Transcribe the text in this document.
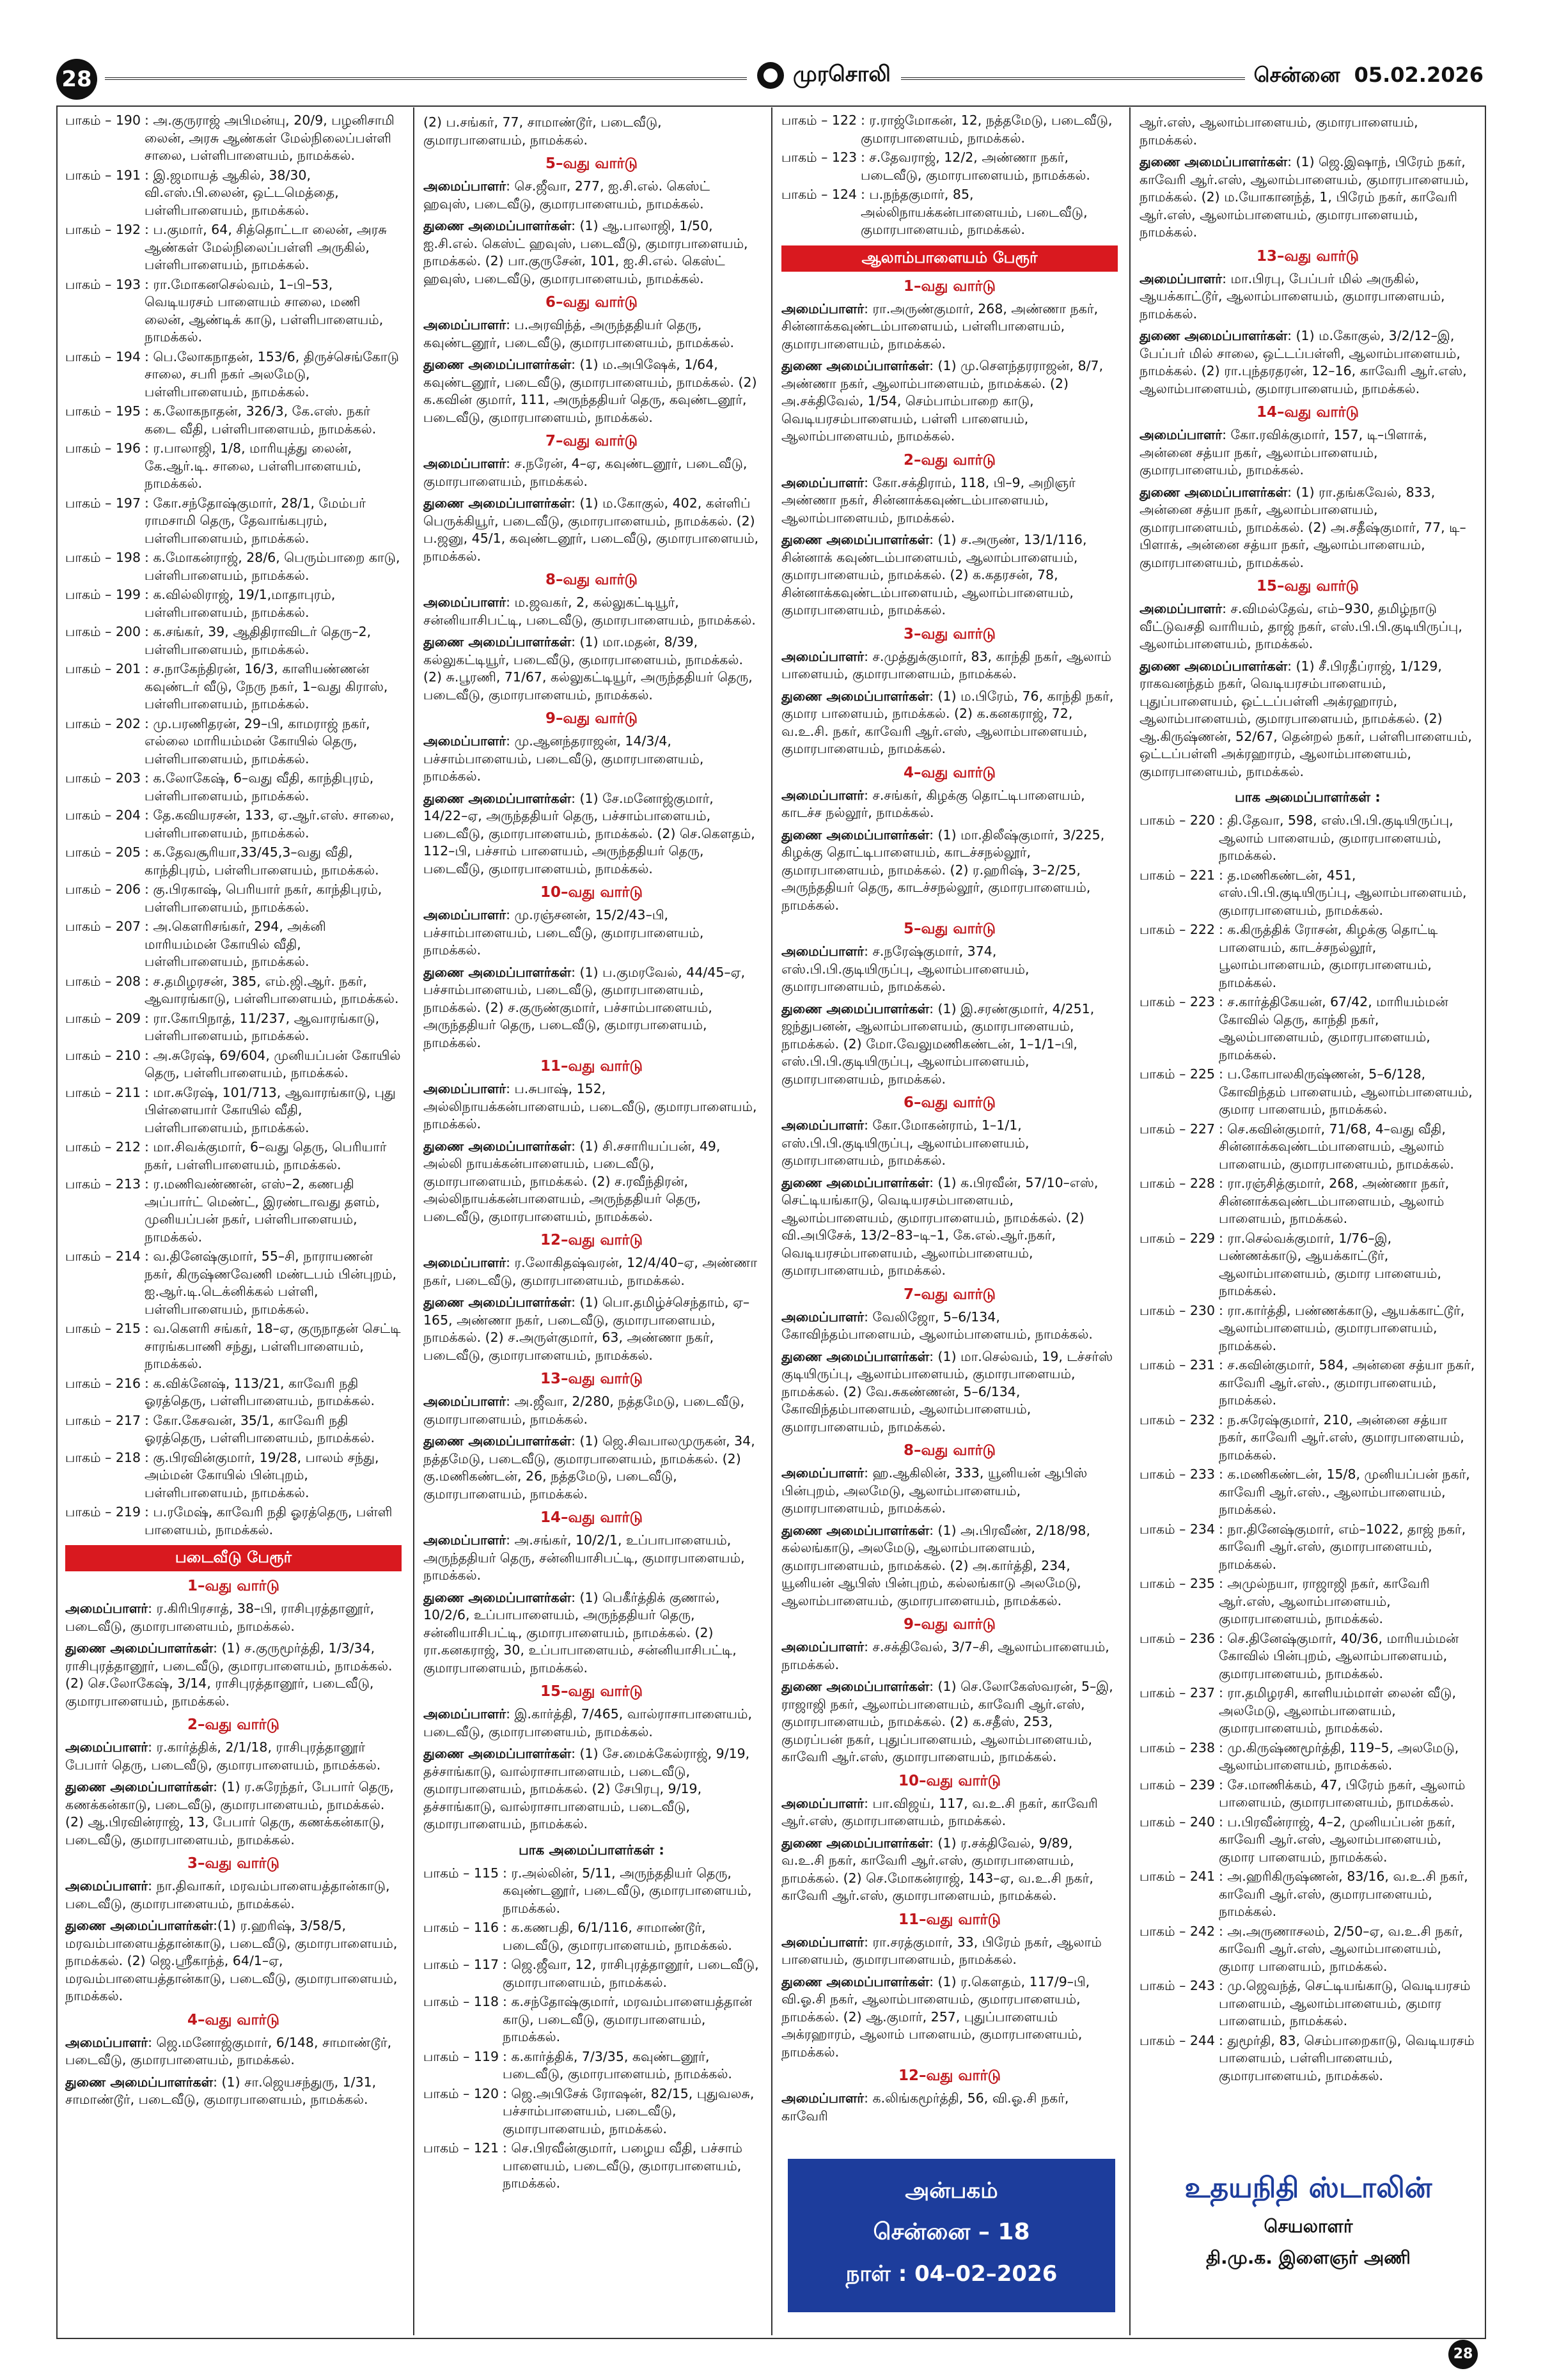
28	முரசொலி	சென்னை 05.02.2026
பாகம் – 190 : அ.குருராஜ் அபிமன்யு, 20/9, பழனிசாமி லைன், அரசு ஆண்கள் மேல்நிலைப்பள்ளி சாலை, பள்ளிபாளையம், நாமக்கல்.
பாகம் – 191 : இ.ஜமாயத் ஆகில், 38/30, வி.எஸ்.பி.லைன், ஒட்டமெத்தை, பள்ளிபாளையம், நாமக்கல்.
பாகம் – 192 : ப.குமார், 64, சித்தொட்டா லைன், அரசு ஆண்கள் மேல்நிலைப்பள்ளி அருகில், பள்ளிபாளையம், நாமக்கல்.
பாகம் – 193 : ரா.மோகனசெல்வம், 1–பி–53, வெடியரசம் பாளையம் சாலை, மணி லைன், ஆண்டிக் காடு, பள்ளிபாளையம், நாமக்கல்.
பாகம் – 194 : பெ.லோகநாதன், 153/6, திருச்செங்கோடு சாலை, சபரி நகர் அலமேடு, பள்ளிபாளையம், நாமக்கல்.
பாகம் – 195 : க.லோகநாதன், 326/3, கே.எஸ். நகர் கடை வீதி, பள்ளிபாளையம், நாமக்கல்.
பாகம் – 196 : ர.பாலாஜி, 1/8, மாரியுத்து லைன், கே.ஆர்.டி. சாலை, பள்ளிபாளையம், நாமக்கல்.
பாகம் – 197 : கோ.சந்தோஷ்குமார், 28/1, மேம்பர் ராமசாமி தெரு, தேவாங்கபுரம், பள்ளிபாளையம், நாமக்கல்.
பாகம் – 198 : க.மோகன்ராஜ், 28/6, பெரும்பாறை காடு, பள்ளிபாளையம், நாமக்கல்.
பாகம் – 199 : க.வில்லிராஜ், 19/1,மாதாபுரம், பள்ளிபாளையம், நாமக்கல்.
பாகம் – 200 : க.சங்கர், 39, ஆதிதிராவிடர் தெரு–2, பள்ளிபாளையம், நாமக்கல்.
பாகம் – 201 : ச.நாகேந்திரன், 16/3, காளியண்ணன் கவுண்டர் வீடு, நேரு நகர், 1–வது கிராஸ், பள்ளிபாளையம், நாமக்கல்.
பாகம் – 202 : மு.பரணிதரன், 29–பி, காமராஜ் நகர், எல்லை மாரியம்மன் கோயில் தெரு, பள்ளிபாளையம், நாமக்கல்.
பாகம் – 203 : க.லோகேஷ், 6–வது வீதி, காந்திபுரம், பள்ளிபாளையம், நாமக்கல்.
பாகம் – 204 : தே.கவியரசன், 133, ஏ.ஆர்.எஸ். சாலை, பள்ளிபாளையம், நாமக்கல்.
பாகம் – 205 : க.தேவசூரியா,33/45,3–வது வீதி, காந்திபுரம், பள்ளிபாளையம், நாமக்கல்.
பாகம் – 206 : கு.பிரகாஷ், பெரியார் நகர், காந்திபுரம், பள்ளிபாளையம், நாமக்கல்.
பாகம் – 207 : அ.கௌரிசங்கர், 294, அக்னி மாரியம்மன் கோயில் வீதி, பள்ளிபாளையம், நாமக்கல்.
பாகம் – 208 : ச.தமிழரசன், 385, எம்.ஜி.ஆர். நகர், ஆவாரங்காடு, பள்ளிபாளையம், நாமக்கல்.
பாகம் – 209 : ரா.கோபிநாத், 11/237, ஆவாரங்காடு, பள்ளிபாளையம், நாமக்கல்.
பாகம் – 210 : அ.சுரேஷ், 69/604, முனியப்பன் கோயில் தெரு, பள்ளிபாளையம், நாமக்கல்.
பாகம் – 211 : மா.சுரேஷ், 101/713, ஆவாரங்காடு, புது பிள்ளையார் கோயில் வீதி, பள்ளிபாளையம், நாமக்கல்.
பாகம் – 212 : மா.சிவக்குமார், 6–வது தெரு, பெரியார் நகர், பள்ளிபாளையம், நாமக்கல்.
பாகம் – 213 : ர.மணிவண்ணன், எஸ்–2, கணபதி அப்பார்ட் மெண்ட், இரண்டாவது தளம், முனியப்பன் நகர், பள்ளிபாளையம், நாமக்கல்.
பாகம் – 214 : வ.தினேஷ்குமார், 55–சி, நாராயணன் நகர், கிருஷ்ணவேணி மண்டபம் பின்புறம், ஐ.ஆர்.டி.டெக்னிக்கல் பள்ளி, பள்ளிபாளையம், நாமக்கல்.
பாகம் – 215 : வ.கௌரி சங்கர், 18–ஏ, குருநாதன் செட்டி சாரங்கபாணி சந்து, பள்ளிபாளையம், நாமக்கல்.
பாகம் – 216 : க.விக்னேஷ், 113/21, காவேரி நதி ஓரத்தெரு, பள்ளிபாளையம், நாமக்கல்.
பாகம் – 217 : கோ.கேசவன், 35/1, காவேரி நதி ஓரத்தெரு, பள்ளிபாளையம், நாமக்கல்.
பாகம் – 218 : கு.பிரவின்குமார், 19/28, பாலம் சந்து, அம்மன் கோயில் பின்புறம், பள்ளிபாளையம், நாமக்கல்.
பாகம் – 219 : ப.ரமேஷ், காவேரி நதி ஓரத்தெரு, பள்ளி பாளையம், நாமக்கல்.
படைவீடு பேரூர்
1–வது வார்டு
அமைப்பாளர்: ர.கிரிபிரசாத், 38–பி, ராசிபுரத்தானூர், படைவீடு, குமாரபாளையம், நாமக்கல்.
துணை அமைப்பாளர்கள்: (1) ச.குருமூர்த்தி, 1/3/34, ராசிபுரத்தானூர், படைவீடு, குமாரபாளையம், நாமக்கல். (2) செ.லோகேஷ், 3/14, ராசிபுரத்தானூர், படைவீடு, குமாரபாளையம், நாமக்கல்.
2–வது வார்டு
அமைப்பாளர்: ர.கார்த்திக், 2/1/18, ராசிபுரத்தானூர் பேபார் தெரு, படைவீடு, குமாரபாளையம், நாமக்கல்.
துணை அமைப்பாளர்கள்: (1) ர.சுரேந்தர், பேபார் தெரு, கணக்கன்காடு, படைவீடு, குமாரபாளையம், நாமக்கல். (2) ஆ.பிரவின்ராஜ், 13, பேபார் தெரு, கணக்கன்காடு, படைவீடு, குமாரபாளையம், நாமக்கல்.
3–வது வார்டு
அமைப்பாளர்: நா.திவாகர், மரவம்பாளையத்தான்காடு, படைவீடு, குமாரபாளையம், நாமக்கல்.
துணை அமைப்பாளர்கள்:(1) ர.ஹரிஷ், 3/58/5, மரவம்பாளையத்தான்காடு, படைவீடு, குமாரபாளையம், நாமக்கல். (2) ஜெ.ஸ்ரீகாந்த், 64/1–ஏ, மரவம்பாளையத்தான்காடு, படைவீடு, குமாரபாளையம், நாமக்கல்.
4–வது வார்டு
அமைப்பாளர்: ஜெ.மனோஜ்குமார், 6/148, சாமாண்டூர், படைவீடு, குமாரபாளையம், நாமக்கல்.
துணை அமைப்பாளர்கள்: (1) சா.ஜெயசந்துரு, 1/31, சாமாண்டூர், படைவீடு, குமாரபாளையம், நாமக்கல்.
(2) ப.சங்கர், 77, சாமாண்டூர், படைவீடு, குமாரபாளையம், நாமக்கல்.
5–வது வார்டு
அமைப்பாளர்: செ.ஜீவா, 277, ஐ.சி.எல். கெஸ்ட் ஹவுஸ், படைவீடு, குமாரபாளையம், நாமக்கல்.
துணை அமைப்பாளர்கள்: (1) ஆ.பாலாஜி, 1/50, ஐ.சி.எல். கெஸ்ட் ஹவுஸ், படைவீடு, குமாரபாளையம், நாமக்கல். (2) பா.குருசேன், 101, ஐ.சி.எல். கெஸ்ட் ஹவுஸ், படைவீடு, குமாரபாளையம், நாமக்கல்.
6–வது வார்டு
அமைப்பாளர்: ப.அரவிந்த், அருந்ததியர் தெரு, கவுண்டனூர், படைவீடு, குமாரபாளையம், நாமக்கல்.
துணை அமைப்பாளர்கள்: (1) ம.அபிஷேக், 1/64, கவுண்டனூர், படைவீடு, குமாரபாளையம், நாமக்கல். (2) க.கவின் குமார், 111, அருந்ததியர் தெரு, கவுண்டனூர், படைவீடு, குமாரபாளையம், நாமக்கல்.
7–வது வார்டு
அமைப்பாளர்: ச.நரேன், 4–ஏ, கவுண்டனூர், படைவீடு, குமாரபாளையம், நாமக்கல்.
துணை அமைப்பாளர்கள்: (1) ம.கோகுல், 402, கள்ளிப் பெருக்கியூர், படைவீடு, குமாரபாளையம், நாமக்கல். (2) ப.ஜனு, 45/1, கவுண்டனூர், படைவீடு, குமாரபாளையம், நாமக்கல்.
8–வது வார்டு
அமைப்பாளர்: ம.ஜவகர், 2, கல்லுகட்டியூர், சன்னியாசிபட்டி, படைவீடு, குமாரபாளையம், நாமக்கல்.
துணை அமைப்பாளர்கள்: (1) மா.மதன், 8/39, கல்லுகட்டியூர், படைவீடு, குமாரபாளையம், நாமக்கல். (2) சு.பூரணி, 71/67, கல்லுகட்டியூர், அருந்ததியர் தெரு, படைவீடு, குமாரபாளையம், நாமக்கல்.
9–வது வார்டு
அமைப்பாளர்: மு.ஆனந்தராஜன், 14/3/4, பச்சாம்பாளையம், படைவீடு, குமாரபாளையம், நாமக்கல்.
துணை அமைப்பாளர்கள்: (1) சே.மனோஜ்குமார், 14/22–ஏ, அருந்ததியர் தெரு, பச்சாம்பாளையம், படைவீடு, குமாரபாளையம், நாமக்கல். (2) செ.கௌதம், 112–பி, பச்சாம் பாளையம், அருந்ததியர் தெரு, படைவீடு, குமாரபாளையம், நாமக்கல்.
10–வது வார்டு
அமைப்பாளர்: மு.ரஞ்சனன், 15/2/43–பி, பச்சாம்பாளையம், படைவீடு, குமாரபாளையம், நாமக்கல்.
துணை அமைப்பாளர்கள்: (1) ப.குமரவேல், 44/45–ஏ, பச்சாம்பாளையம், படைவீடு, குமாரபாளையம், நாமக்கல். (2) ச.குருண்குமார், பச்சாம்பாளையம், அருந்ததியர் தெரு, படைவீடு, குமாரபாளையம், நாமக்கல்.
11–வது வார்டு
அமைப்பாளர்: ப.சுபாஷ், 152, அல்லிநாயக்கன்பாளையம், படைவீடு, குமாரபாளையம், நாமக்கல்.
துணை அமைப்பாளர்கள்: (1) சி.சசாரியப்பன், 49, அல்லி நாயக்கன்பாளையம், படைவீடு, குமாரபாளையம், நாமக்கல். (2) ச.ரவீந்திரன், அல்லிநாயக்கன்பாளையம், அருந்ததியர் தெரு, படைவீடு, குமாரபாளையம், நாமக்கல்.
12–வது வார்டு
அமைப்பாளர்: ர.லோகிதஷ்வரன், 12/4/40–ஏ, அண்ணா நகர், படைவீடு, குமாரபாளையம், நாமக்கல்.
துணை அமைப்பாளர்கள்: (1) பொ.தமிழ்ச்செந்தாம், ஏ–165, அண்ணா நகர், படைவீடு, குமாரபாளையம், நாமக்கல். (2) ச.அருள்குமார், 63, அண்ணா நகர், படைவீடு, குமாரபாளையம், நாமக்கல்.
13–வது வார்டு
அமைப்பாளர்: அ.ஜீவா, 2/280, நத்தமேடு, படைவீடு, குமாரபாளையம், நாமக்கல்.
துணை அமைப்பாளர்கள்: (1) ஜெ.சிவபாலமுருகன், 34, நத்தமேடு, படைவீடு, குமாரபாளையம், நாமக்கல். (2) கு.மணிகண்டன், 26, நத்தமேடு, படைவீடு, குமாரபாளையம், நாமக்கல்.
14–வது வார்டு
அமைப்பாளர்: அ.சங்கர், 10/2/1, உப்பாபாளையம், அருந்ததியர் தெரு, சன்னியாசிபட்டி, குமாரபாளையம், நாமக்கல்.
துணை அமைப்பாளர்கள்: (1) பெகீர்த்திக் குணால், 10/2/6, உப்பாபாளையம், அருந்ததியர் தெரு, சன்னியாசிபட்டி, குமாரபாளையம், நாமக்கல். (2) ரா.கனகராஜ், 30, உப்பாபாளையம், சன்னியாசிபட்டி, குமாரபாளையம், நாமக்கல்.
15–வது வார்டு
அமைப்பாளர்: இ.கார்த்தி, 7/465, வால்ராசாபாளையம், படைவீடு, குமாரபாளையம், நாமக்கல்.
துணை அமைப்பாளர்கள்: (1) சே.மைக்கேல்ராஜ், 9/19, தச்சாங்காடு, வால்ராசாபாளையம், படைவீடு, குமாரபாளையம், நாமக்கல். (2) சேபிரபு, 9/19, தச்சாங்காடு, வால்ராசாபாளையம், படைவீடு, குமாரபாளையம், நாமக்கல்.
பாக அமைப்பாளர்கள் :
பாகம் – 115 : ர.அல்லின், 5/11, அருந்ததியர் தெரு, கவுண்டனூர், படைவீடு, குமாரபாளையம், நாமக்கல்.
பாகம் – 116 : க.கணபதி, 6/1/116, சாமாண்டூர், படைவீடு, குமாரபாளையம், நாமக்கல்.
பாகம் – 117 : ஜெ.ஜீவா, 12, ராசிபுரத்தானூர், படைவீடு, குமாரபாளையம், நாமக்கல்.
பாகம் – 118 : க.சந்தோஷ்குமார், மரவம்பாளையத்தான் காடு, படைவீடு, குமாரபாளையம், நாமக்கல்.
பாகம் – 119 : க.கார்த்திக், 7/3/35, கவுண்டனூர், படைவீடு, குமாரபாளையம், நாமக்கல்.
பாகம் – 120 : ஜெ.அபிசேக் ரோஷன், 82/15, புதுவலசு, பச்சாம்பாளையம், படைவீடு, குமாரபாளையம், நாமக்கல்.
பாகம் – 121 : செ.பிரவீன்குமார், பழைய வீதி, பச்சாம் பாளையம், படைவீடு, குமாரபாளையம், நாமக்கல்.
பாகம் – 122 : ர.ராஜ்மோகன், 12, நத்தமேடு, படைவீடு, குமாரபாளையம், நாமக்கல்.
பாகம் – 123 : ச.தேவராஜ், 12/2, அண்ணா நகர், படைவீடு, குமாரபாளையம், நாமக்கல்.
பாகம் – 124 : ப.நந்தகுமார், 85, அல்லிநாயக்கன்பாளையம், படைவீடு, குமாரபாளையம், நாமக்கல்.
ஆலாம்பாளையம் பேரூர்
1–வது வார்டு
அமைப்பாளர்: ரா.அருண்குமார், 268, அண்ணா நகர், சின்னாக்கவுண்டம்பாளையம், பள்ளிபாளையம், குமாரபாளையம், நாமக்கல்.
துணை அமைப்பாளர்கள்: (1) மு.செளந்தரராஜன், 8/7, அண்ணா நகர், ஆலாம்பாளையம், நாமக்கல். (2) அ.சக்திவேல், 1/54, செம்பாம்பாறை காடு, வெடியரசம்பாளையம், பள்ளி பாளையம், ஆலாம்பாளையம், நாமக்கல்.
2–வது வார்டு
அமைப்பாளர்: கோ.சக்திராம், 118, பி–9, அறிஞர் அண்ணா நகர், சின்னாக்கவுண்டம்பாளையம், ஆலாம்பாளையம், நாமக்கல்.
துணை அமைப்பாளர்கள்: (1) ச.அருண், 13/1/116, சின்னாக் கவுண்டம்பாளையம், ஆலாம்பாளையம், குமாரபாளையம், நாமக்கல். (2) க.கதரசன், 78, சின்னாக்கவுண்டம்பாளையம், ஆலாம்பாளையம், குமாரபாளையம், நாமக்கல்.
3–வது வார்டு
அமைப்பாளர்: ச.முத்துக்குமார், 83, காந்தி நகர், ஆலாம் பாளையம், குமாரபாளையம், நாமக்கல்.
துணை அமைப்பாளர்கள்: (1) ம.பிரேம், 76, காந்தி நகர், குமார பாளையம், நாமக்கல். (2) க.கனகராஜ், 72, வ.உ.சி. நகர், காவேரி ஆர்.எஸ், ஆலாம்பாளையம், குமாரபாளையம், நாமக்கல்.
4–வது வார்டு
அமைப்பாளர்: ச.சங்கர், கிழக்கு தொட்டிபாளையம், காடச்ச நல்லூர், நாமக்கல்.
துணை அமைப்பாளர்கள்: (1) மா.திலீஷ்குமார், 3/225, கிழக்கு தொட்டிபாளையம், காடச்சநல்லூர், குமாரபாளையம், நாமக்கல். (2) ர.ஹரிஷ், 3–2/25, அருந்ததியர் தெரு, காடச்சநல்லூர், குமாரபாளையம், நாமக்கல்.
5–வது வார்டு
அமைப்பாளர்: ச.நரேஷ்குமார், 374, எஸ்.பி.பி.குடியிருப்பு, ஆலாம்பாளையம், குமாரபாளையம், நாமக்கல்.
துணை அமைப்பாளர்கள்: (1) இ.சரண்குமார், 4/251, ஜந்துபனன், ஆலாம்பாளையம், குமாரபாளையம், நாமக்கல். (2) மோ.வேலுமணிகண்டன், 1–1/1–பி, எஸ்.பி.பி.குடியிருப்பு, ஆலாம்பாளையம், குமாரபாளையம், நாமக்கல்.
6–வது வார்டு
அமைப்பாளர்: கோ.மோகன்ராம், 1–1/1, எஸ்.பி.பி.குடியிருப்பு, ஆலாம்பாளையம், குமாரபாளையம், நாமக்கல்.
துணை அமைப்பாளர்கள்: (1) க.பிரவீன், 57/10–எஸ், செட்டியங்காடு, வெடியரசம்பாளையம், ஆலாம்பாளையம், குமாரபாளையம், நாமக்கல். (2) வி.அபிசேக், 13/2–83–டி–1, கே.எல்.ஆர்.நகர், வெடியரசம்பாளையம், ஆலாம்பாளையம், குமாரபாளையம், நாமக்கல்.
7–வது வார்டு
அமைப்பாளர்: வேலிஜோ, 5–6/134, கோவிந்தம்பாளையம், ஆலாம்பாளையம், நாமக்கல்.
துணை அமைப்பாளர்கள்: (1) மா.செல்வம், 19, டச்சர்ஸ் குடியிருப்பு, ஆலாம்பாளையம், குமாரபாளையம், நாமக்கல். (2) வே.சுகண்ணன், 5–6/134, கோவிந்தம்பாளையம், ஆலாம்பாளையம், குமாரபாளையம், நாமக்கல்.
8–வது வார்டு
அமைப்பாளர்: ஹ.ஆகிலின், 333, யூனியன் ஆபிஸ் பின்புறம், அலமேடு, ஆலாம்பாளையம், குமாரபாளையம், நாமக்கல்.
துணை அமைப்பாளர்கள்: (1) அ.பிரவீண், 2/18/98, கல்லங்காடு, அலமேடு, ஆலாம்பாளையம், குமாரபாளையம், நாமக்கல். (2) அ.கார்த்தி, 234, யூனியன் ஆபிஸ் பின்புறம், கல்லங்காடு அலமேடு, ஆலாம்பாளையம், குமாரபாளையம், நாமக்கல்.
9–வது வார்டு
அமைப்பாளர்: ச.சக்திவேல், 3/7–சி, ஆலாம்பாளையம், நாமக்கல்.
துணை அமைப்பாளர்கள்: (1) செ.லோகேஸ்வரன், 5–இ, ராஜாஜி நகர், ஆலாம்பாளையம், காவேரி ஆர்.எஸ், குமாரபாளையம், நாமக்கல். (2) க.சதீஸ், 253, குமரப்பன் நகர், புதுப்பாளையம், ஆலாம்பாளையம், காவேரி ஆர்.எஸ், குமாரபாளையம், நாமக்கல்.
10–வது வார்டு
அமைப்பாளர்: பா.விஜய், 117, வ.உ.சி நகர், காவேரி ஆர்.எஸ், குமாரபாளையம், நாமக்கல்.
துணை அமைப்பாளர்கள்: (1) ர.சக்திவேல், 9/89, வ.உ.சி நகர், காவேரி ஆர்.எஸ், குமாரபாளையம், நாமக்கல். (2) செ.மோகன்ராஜ், 143–ஏ, வ.உ.சி நகர், காவேரி ஆர்.எஸ், குமாரபாளையம், நாமக்கல்.
11–வது வார்டு
அமைப்பாளர்: ரா.சரத்குமார், 33, பிரேம் நகர், ஆலாம் பாளையம், குமாரபாளையம், நாமக்கல்.
துணை அமைப்பாளர்கள்: (1) ர.கௌதம், 117/9–பி, வி.ஓ.சி நகர், ஆலாம்பாளையம், குமாரபாளையம், நாமக்கல். (2) ஆ.குமார், 257, புதுப்பாளையம் அக்ரஹாரம், ஆலாம் பாளையம், குமாரபாளையம், நாமக்கல்.
12–வது வார்டு
அமைப்பாளர்: க.லிங்கமூர்த்தி, 56, வி.ஓ.சி நகர், காவேரி
ஆர்.எஸ், ஆலாம்பாளையம், குமாரபாளையம், நாமக்கல்.
துணை அமைப்பாளர்கள்: (1) ஜெ.இஷாந், பிரேம் நகர், காவேரி ஆர்.எஸ், ஆலாம்பாளையம், குமாரபாளையம், நாமக்கல். (2) ம.யோகானந்த், 1, பிரேம் நகர், காவேரி ஆர்.எஸ், ஆலாம்பாளையம், குமாரபாளையம், நாமக்கல்.
13–வது வார்டு
அமைப்பாளர்: மா.பிரபு, பேப்பர் மில் அருகில், ஆயக்காட்டூர், ஆலாம்பாளையம், குமாரபாளையம், நாமக்கல்.
துணை அமைப்பாளர்கள்: (1) ம.கோகுல், 3/2/12–இ, பேப்பர் மில் சாலை, ஒட்டப்பள்ளி, ஆலாம்பாளையம், நாமக்கல். (2) ரா.புந்தரதரன், 12–16, காவேரி ஆர்.எஸ், ஆலாம்பாளையம், குமாரபாளையம், நாமக்கல்.
14–வது வார்டு
அமைப்பாளர்: கோ.ரவிக்குமார், 157, டி–பிளாக், அன்னை சத்யா நகர், ஆலாம்பாளையம், குமாரபாளையம், நாமக்கல்.
துணை அமைப்பாளர்கள்: (1) ரா.தங்கவேல், 833, அன்னை சத்யா நகர், ஆலாம்பாளையம், குமாரபாளையம், நாமக்கல். (2) அ.சதீஷ்குமார், 77, டி–பிளாக், அன்னை சத்யா நகர், ஆலாம்பாளையம், குமாரபாளையம், நாமக்கல்.
15–வது வார்டு
அமைப்பாளர்: ச.விமல்தேவ், எம்–930, தமிழ்நாடு வீட்டுவசதி வாரியம், தாஜ் நகர், எஸ்.பி.பி.குடியிருப்பு, ஆலாம்பாளையம், நாமக்கல்.
துணை அமைப்பாளர்கள்: (1) சீ.பிரதீப்ராஜ், 1/129, ராகவனந்தம் நகர், வெடியரசம்பாளையம், புதுப்பாளையம், ஒட்டப்பள்ளி அக்ரஹாரம், ஆலாம்பாளையம், குமாரபாளையம், நாமக்கல். (2) ஆ.கிருஷ்ணன், 52/67, தென்றல் நகர், பள்ளிபாளையம், ஒட்டப்பள்ளி அக்ரஹாரம், ஆலாம்பாளையம், குமாரபாளையம், நாமக்கல்.
பாக அமைப்பாளர்கள் :
பாகம் – 220 : தி.தேவா, 598, எஸ்.பி.பி.குடியிருப்பு, ஆலாம் பாளையம், குமாரபாளையம், நாமக்கல்.
பாகம் – 221 : த.மணிகண்டன், 451, எஸ்.பி.பி.குடியிருப்பு, ஆலாம்பாளையம், குமாரபாளையம், நாமக்கல்.
பாகம் – 222 : க.கிருத்திக் ரோசன், கிழக்கு தொட்டி பாளையம், காடச்சநல்லூர், பூலாம்பாளையம், குமாரபாளையம், நாமக்கல்.
பாகம் – 223 : ச.கார்த்திகேயன், 67/42, மாரியம்மன் கோவில் தெரு, காந்தி நகர், ஆலம்பாளையம், குமாரபாளையம், நாமக்கல்.
பாகம் – 225 : ப.கோபாலகிருஷ்ணன், 5–6/128, கோவிந்தம் பாளையம், ஆலாம்பாளையம், குமார பாளையம், நாமக்கல்.
பாகம் – 227 : செ.கவின்குமார், 71/68, 4–வது வீதி, சின்னாக்கவுண்டம்பாளையம், ஆலாம் பாளையம், குமாரபாளையம், நாமக்கல்.
பாகம் – 228 : ரா.ரஞ்சித்குமார், 268, அண்ணா நகர், சின்னாக்கவுண்டம்பாளையம், ஆலாம் பாளையம், நாமக்கல்.
பாகம் – 229 : ரா.செல்வக்குமார், 1/76–இ, பண்ணக்காடு, ஆயக்காட்டூர், ஆலாம்பாளையம், குமார பாளையம், நாமக்கல்.
பாகம் – 230 : ரா.கார்த்தி, பண்ணக்காடு, ஆயக்காட்டூர், ஆலாம்பாளையம், குமாரபாளையம், நாமக்கல்.
பாகம் – 231 : ச.கவின்குமார், 584, அன்னை சத்யா நகர், காவேரி ஆர்.எஸ்., குமாரபாளையம், நாமக்கல்.
பாகம் – 232 : ந.சுரேஷ்குமார், 210, அன்னை சத்யா நகர், காவேரி ஆர்.எஸ், குமாரபாளையம், நாமக்கல்.
பாகம் – 233 : க.மணிகண்டன், 15/8, முனியப்பன் நகர், காவேரி ஆர்.எஸ்., ஆலாம்பாளையம், நாமக்கல்.
பாகம் – 234 : நா.தினேஷ்குமார், எம்–1022, தாஜ் நகர், காவேரி ஆர்.எஸ், குமாரபாளையம், நாமக்கல்.
பாகம் – 235 : அமுல்நயா, ராஜாஜி நகர், காவேரி ஆர்.எஸ், ஆலாம்பாளையம், குமாரபாளையம், நாமக்கல்.
பாகம் – 236 : செ.தினேஷ்குமார், 40/36, மாரியம்மன் கோவில் பின்புறம், ஆலாம்பாளையம், குமாரபாளையம், நாமக்கல்.
பாகம் – 237 : ரா.தமிழரசி, காளியம்மாள் லைன் வீடு, அலமேடு, ஆலாம்பாளையம், குமாரபாளையம், நாமக்கல்.
பாகம் – 238 : மு.கிருஷ்ணமூர்த்தி, 119–5, அலமேடு, ஆலாம்பாளையம், நாமக்கல்.
பாகம் – 239 : சே.மாணிக்கம், 47, பிரேம் நகர், ஆலாம் பாளையம், குமாரபாளையம், நாமக்கல்.
பாகம் – 240 : ப.பிரவீன்ராஜ், 4–2, முனியப்பன் நகர், காவேரி ஆர்.எஸ், ஆலாம்பாளையம், குமார பாளையம், நாமக்கல்.
பாகம் – 241 : அ.ஹரிகிருஷ்ணன், 83/16, வ.உ.சி நகர், காவேரி ஆர்.எஸ், குமாரபாளையம், நாமக்கல்.
பாகம் – 242 : அ.அருணாசலம், 2/50–ஏ, வ.உ.சி நகர், காவேரி ஆர்.எஸ், ஆலாம்பாளையம், குமார பாளையம், நாமக்கல்.
பாகம் – 243 : மு.ஜெவந்த், செட்டியங்காடு, வெடியரசம் பாளையம், ஆலாம்பாளையம், குமார பாளையம், நாமக்கல்.
பாகம் – 244 : துமூர்தி, 83, செம்பாறைகாடு, வெடியரசம் பாளையம், பள்ளிபாளையம், குமாரபாளையம், நாமக்கல்.
அன்பகம்
சென்னை – 18
நாள் : 04–02–2026
உதயநிதி ஸ்டாலின்
செயலாளர்
தி.மு.க. இளைஞர் அணி
28
